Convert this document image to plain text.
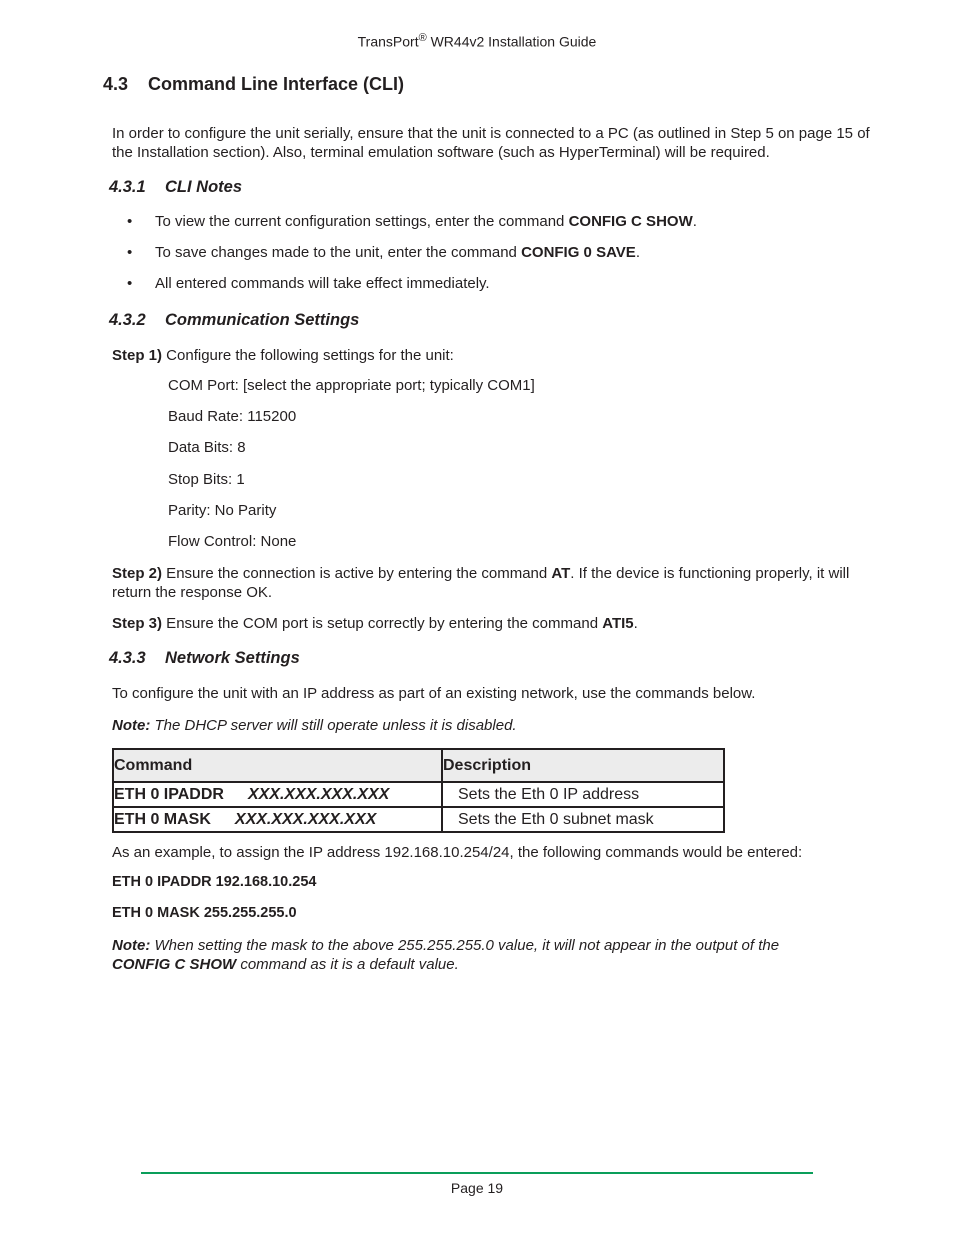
TransPort® WR44v2 Installation Guide
4.3 Command Line Interface (CLI)
In order to configure the unit serially, ensure that the unit is connected to a PC (as outlined in Step 5 on page 15 of the Installation section). Also, terminal emulation software (such as HyperTerminal) will be required.
4.3.1 CLI Notes
• To view the current configuration settings, enter the command CONFIG C SHOW.
• To save changes made to the unit, enter the command CONFIG 0 SAVE.
• All entered commands will take effect immediately.
4.3.2 Communication Settings
Step 1) Configure the following settings for the unit:
COM Port: [select the appropriate port; typically COM1]
Baud Rate: 115200
Data Bits: 8
Stop Bits: 1
Parity: No Parity
Flow Control: None
Step 2) Ensure the connection is active by entering the command AT. If the device is functioning properly, it will return the response OK.
Step 3) Ensure the COM port is setup correctly by entering the command ATI5.
4.3.3 Network Settings
To configure the unit with an IP address as part of an existing network, use the commands below.
Note: The DHCP server will still operate unless it is disabled.
Command	Description
ETH 0 IPADDR XXX.XXX.XXX.XXX	Sets the Eth 0 IP address
ETH 0 MASK XXX.XXX.XXX.XXX	Sets the Eth 0 subnet mask
As an example, to assign the IP address 192.168.10.254/24, the following commands would be entered:
ETH 0 IPADDR 192.168.10.254
ETH 0 MASK 255.255.255.0
Note: When setting the mask to the above 255.255.255.0 value, it will not appear in the output of the CONFIG C SHOW command as it is a default value.
Page 19
